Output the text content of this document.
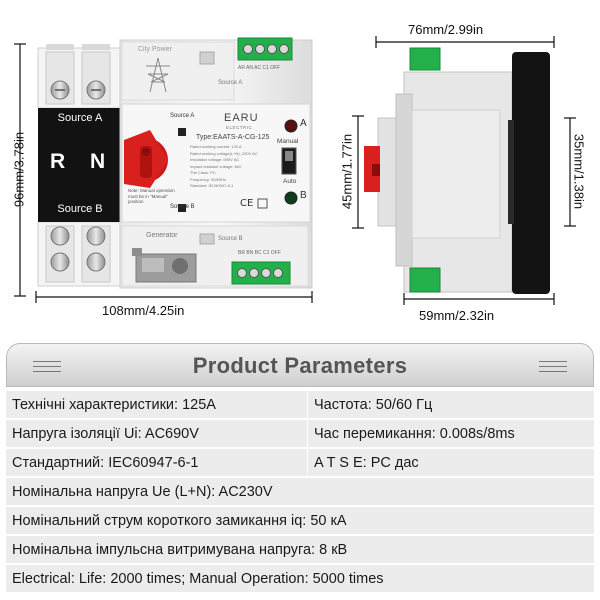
CE
Source A
R N
Source B
City Power
AR AN AC C1 OFF
Source A
Source A	EARU
ELECTRIC
Type:EAATS-A-CG-125
Rated working current: 125 A
Rated working voltage(L+N): 230V AC
Insulation voltage: 690V AC
Impact resistant voltage: 8kV
The Class: PC
Frequency: 50/60Hz
Standard: IEC60947-6-1
Note: Manual operation must be in "Manual" position
Source B
A
B
Manual
Auto
Generator	Source B
BR BN BC C1 OFF
96mm/3.78in
108mm/4.25in
76mm/2.99in
59mm/2.32in
45mm/1.77in	35mm/1.38in
Product Parameters
Технічні характеристики: 125A	Частота: 50/60 Гц
Напруга ізоляції Ui: AC690V	Час перемикання: 0.008s/8ms
Стандартний: IEC60947-6-1	A T S E: PC дас
Номінальна напруга Ue (L+N): AC230V
Номінальний струм короткого замикання iq: 50 кА
Номінальна імпульсна витримувана напруга: 8 кВ
Electrical: Life: 2000 times; Manual Operation: 5000 times
